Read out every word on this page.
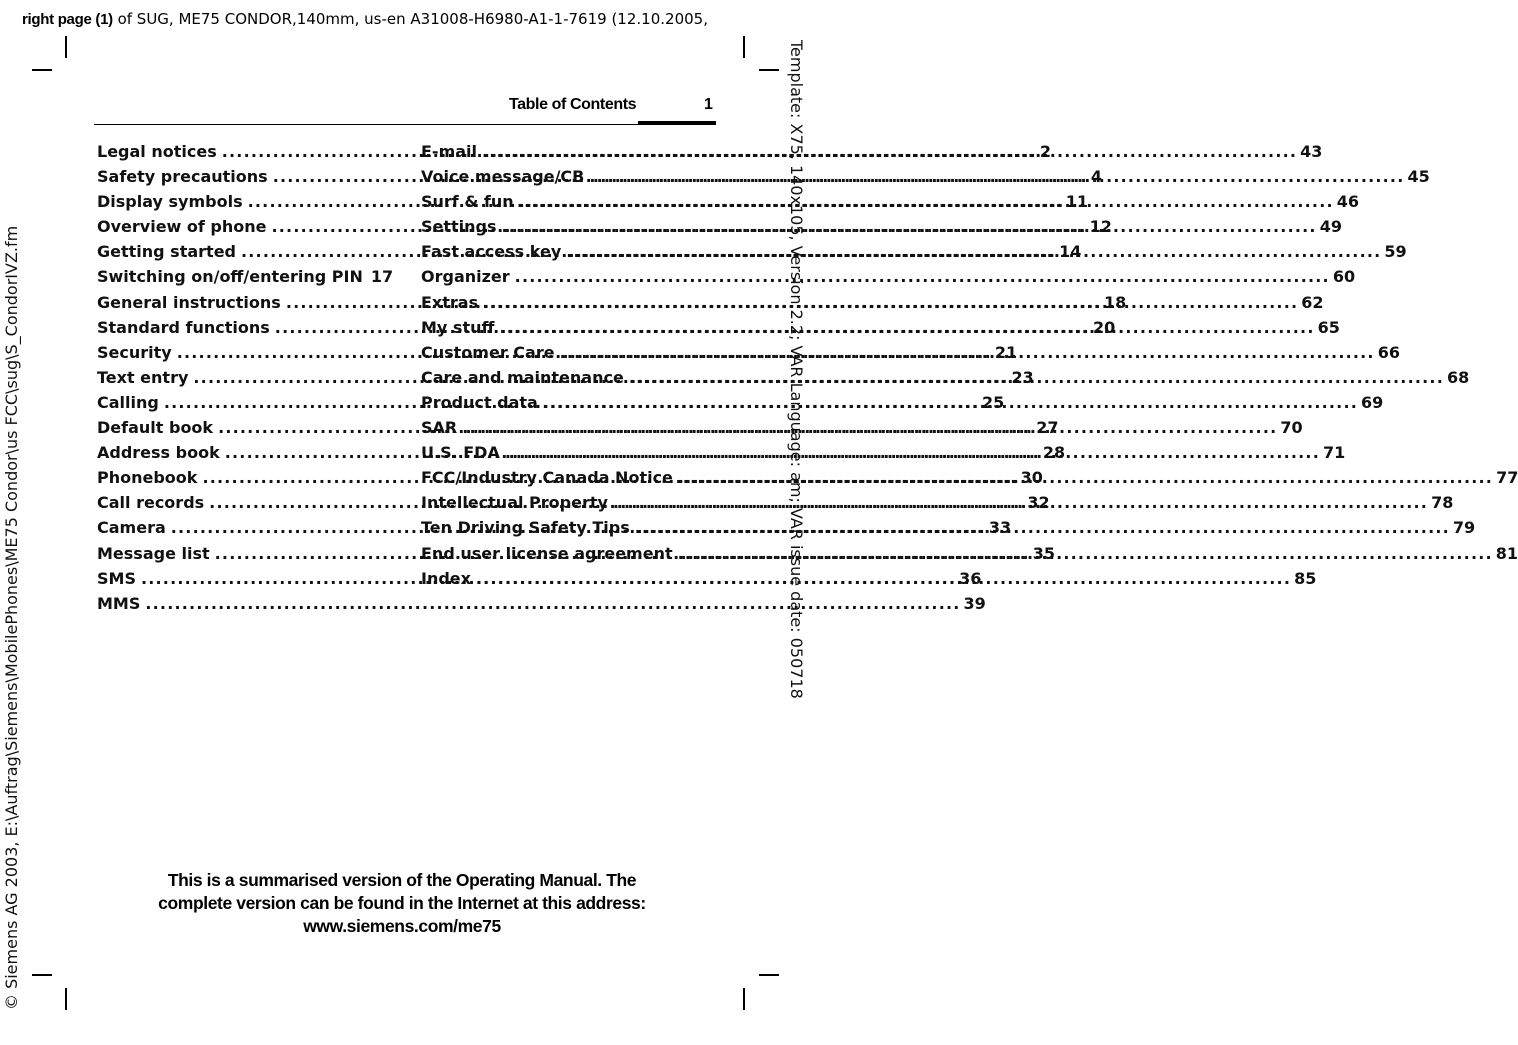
right page (1) of SUG, ME75 CONDOR,140mm, us-en A31008-H6980-A1-1-7619 (12.10.2005,
© Siemens AG 2003, E:\Auftrag\Siemens\MobilePhones\ME75 Condor\us FCC\sug\S_CondorIVZ.fm	Template: X75, 140x105, Version 2.2; VAR Language: am; VAR issue date: 050718
Table of Contents	1
Legal notices .....	2
Safety precautions .....	4
Display symbols .....	11
Overview of phone .....	12
Getting started .....	14
Switching on/off/entering PIN 17
General instructions .....	18
Standard functions .....	20
Security .....	21
Text entry .....	23
Calling .....	25
Default book .....	27
Address book .....	28
Phonebook .....	30
Call records .....	32
Camera .....	33
Message list .....	35
SMS .....	36
MMS .....	39
E-mail .....	43
Voice message/CB .....	45
Surf & fun .....	46
Settings .....	49
Fast access key .....	59
Organizer .....	60
Extras .....	62
My stuff .....	65
Customer Care .....	66
Care and maintenance .....	68
Product data .....	69
SAR .....	70
U.S. FDA .....	71
FCC/Industry Canada Notice .....	77
Intellectual Property .....	78
Ten Driving Safety Tips .....	79
End user license agreement .....	81
Index .....	85
This is a summarised version of the Operating Manual. The
complete version can be found in the Internet at this address:
www.siemens.com/me75
